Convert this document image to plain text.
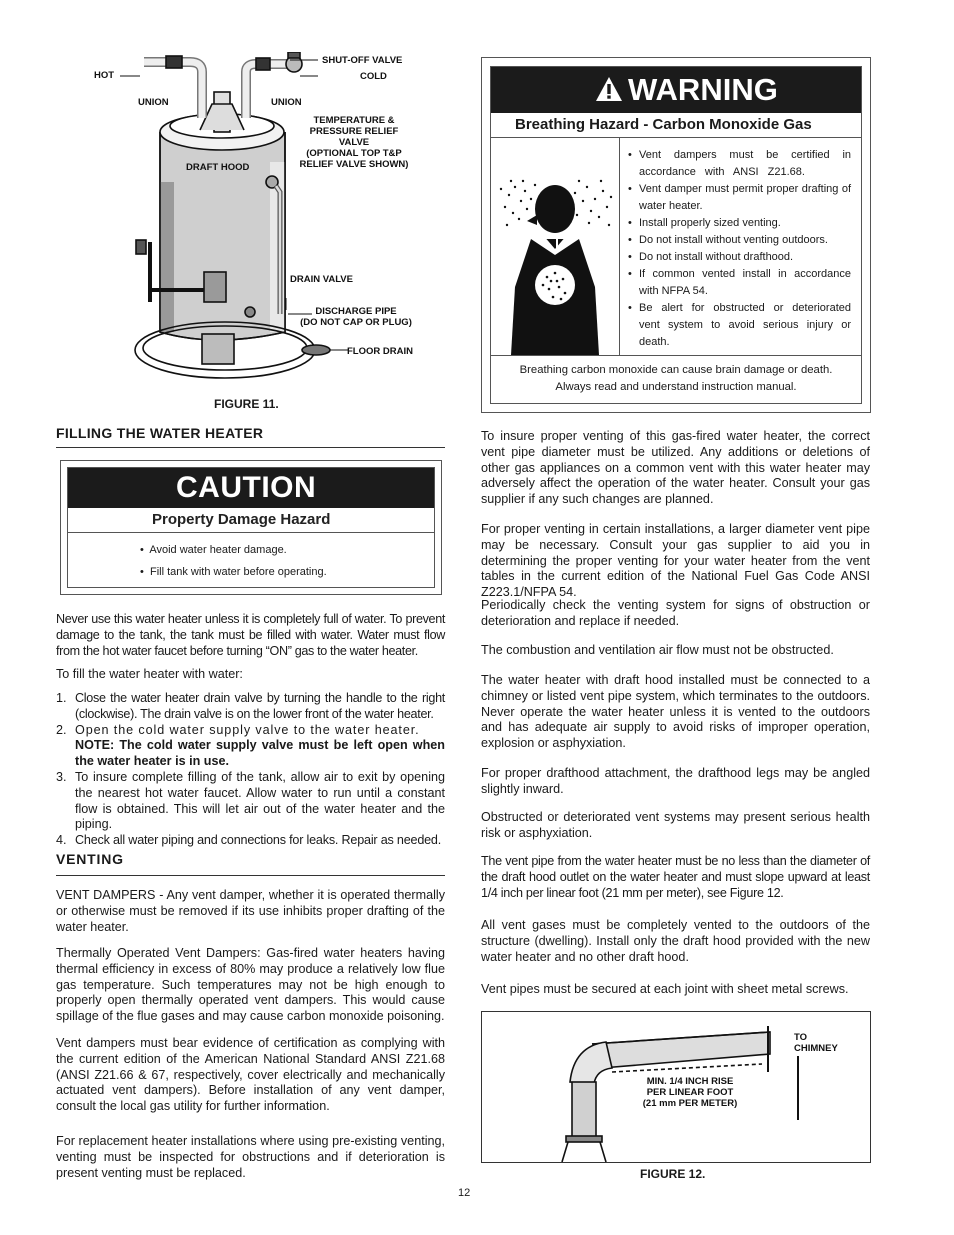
HOT
UNION
SHUT-OFF VALVE
COLD
UNION
TEMPERATURE &
PRESSURE RELIEF
VALVE
(OPTIONAL TOP T&P
RELIEF VALVE SHOWN)
DRAFT HOOD
DRAIN VALVE
DISCHARGE PIPE
(DO NOT CAP OR PLUG)
FLOOR DRAIN
FIGURE 11.
FILLING THE WATER HEATER
CAUTION
Property Damage Hazard
•  Avoid water heater damage.
•  Fill tank with water before operating.

Never use this water heater unless it is completely full of water. To prevent damage to the tank, the tank must be filled with water. Water must flow from the hot water faucet before turning “ON” gas to the water heater.

To fill the water heater with water:

1. Close the water heater drain valve by turning the handle to the right (clockwise). The drain valve is on the lower front of the water heater.
2. Open the cold water supply valve to the water heater.
NOTE: The cold water supply valve must be left open when the water heater is in use.
3. To insure complete filling of the tank, allow air to exit by opening the nearest hot water faucet. Allow water to run until a constant flow is obtained. This will let air out of the water heater and the piping.
4. Check all water piping and connections for leaks. Repair as needed.
VENTING

VENT DAMPERS - Any vent damper, whether it is operated thermally or otherwise must be removed if its use inhibits proper drafting of the water heater.

Thermally Operated Vent Dampers: Gas-fired water heaters having thermal efficiency in excess of 80% may produce a relatively low flue gas temperature. Such temperatures may not be high enough to properly open thermally operated vent dampers. This would cause spillage of the flue gases and may cause carbon monoxide poisoning.

Vent dampers must bear evidence of certification as complying with the current edition of the American National Standard ANSI Z21.68 (ANSI Z21.66 & 67, respectively, cover electrically and mechanically actuated vent dampers). Before installation of any vent damper, consult the local gas utility for further information.

For replacement heater installations where using pre-existing venting, venting must be inspected for obstructions and if deterioration is present venting must be replaced.

WARNING
Breathing Hazard - Carbon Monoxide Gas
• Vent dampers must be certified in accordance with ANSI Z21.68.
• Vent damper must permit proper drafting of water heater.
• Install properly sized venting.
• Do not install without venting outdoors.
• Do not install without drafthood.
• If common vented install in accordance with NFPA 54.
• Be alert for obstructed or deteriorated vent system to avoid serious injury or death.
Breathing carbon monoxide can cause brain damage or death.
Always read and understand instruction manual.

To insure proper venting of this gas-fired water heater, the correct vent pipe diameter must be utilized. Any additions or deletions of other gas appliances on a common vent with this water heater may adversely affect the operation of the water heater. Consult your gas supplier if any such changes are planned.

For proper venting in certain installations, a larger diameter vent pipe may be necessary. Consult your gas supplier to aid you in determining the proper venting for your water heater from the vent tables in the current edition of the National Fuel Gas Code ANSI Z223.1/NFPA 54.

Periodically check the venting system for signs of obstruction or deterioration and replace if needed.

The combustion and ventilation air flow must not be obstructed.

The water heater with draft hood installed must be connected to a chimney or listed vent pipe system, which terminates to the outdoors. Never operate the water heater unless it is vented to the outdoors and has adequate air supply to avoid risks of improper operation, explosion or asphyxiation.

For proper drafthood attachment, the drafthood legs may be angled slightly inward.

Obstructed or deteriorated vent systems may present serious health risk or asphyxiation.

The vent pipe from the water heater must be no less than the diameter of the draft hood outlet on the water heater and must slope upward at least 1/4 inch per linear foot (21 mm per meter), see Figure 12.

All vent gases must be completely vented to the outdoors of the structure (dwelling). Install only the draft hood provided with the new water heater and no other draft hood.

Vent pipes must be secured at each joint with sheet metal screws.

TO
CHIMNEY
MIN. 1/4 INCH RISE
PER LINEAR FOOT
(21 mm PER METER)
FIGURE 12.
12
